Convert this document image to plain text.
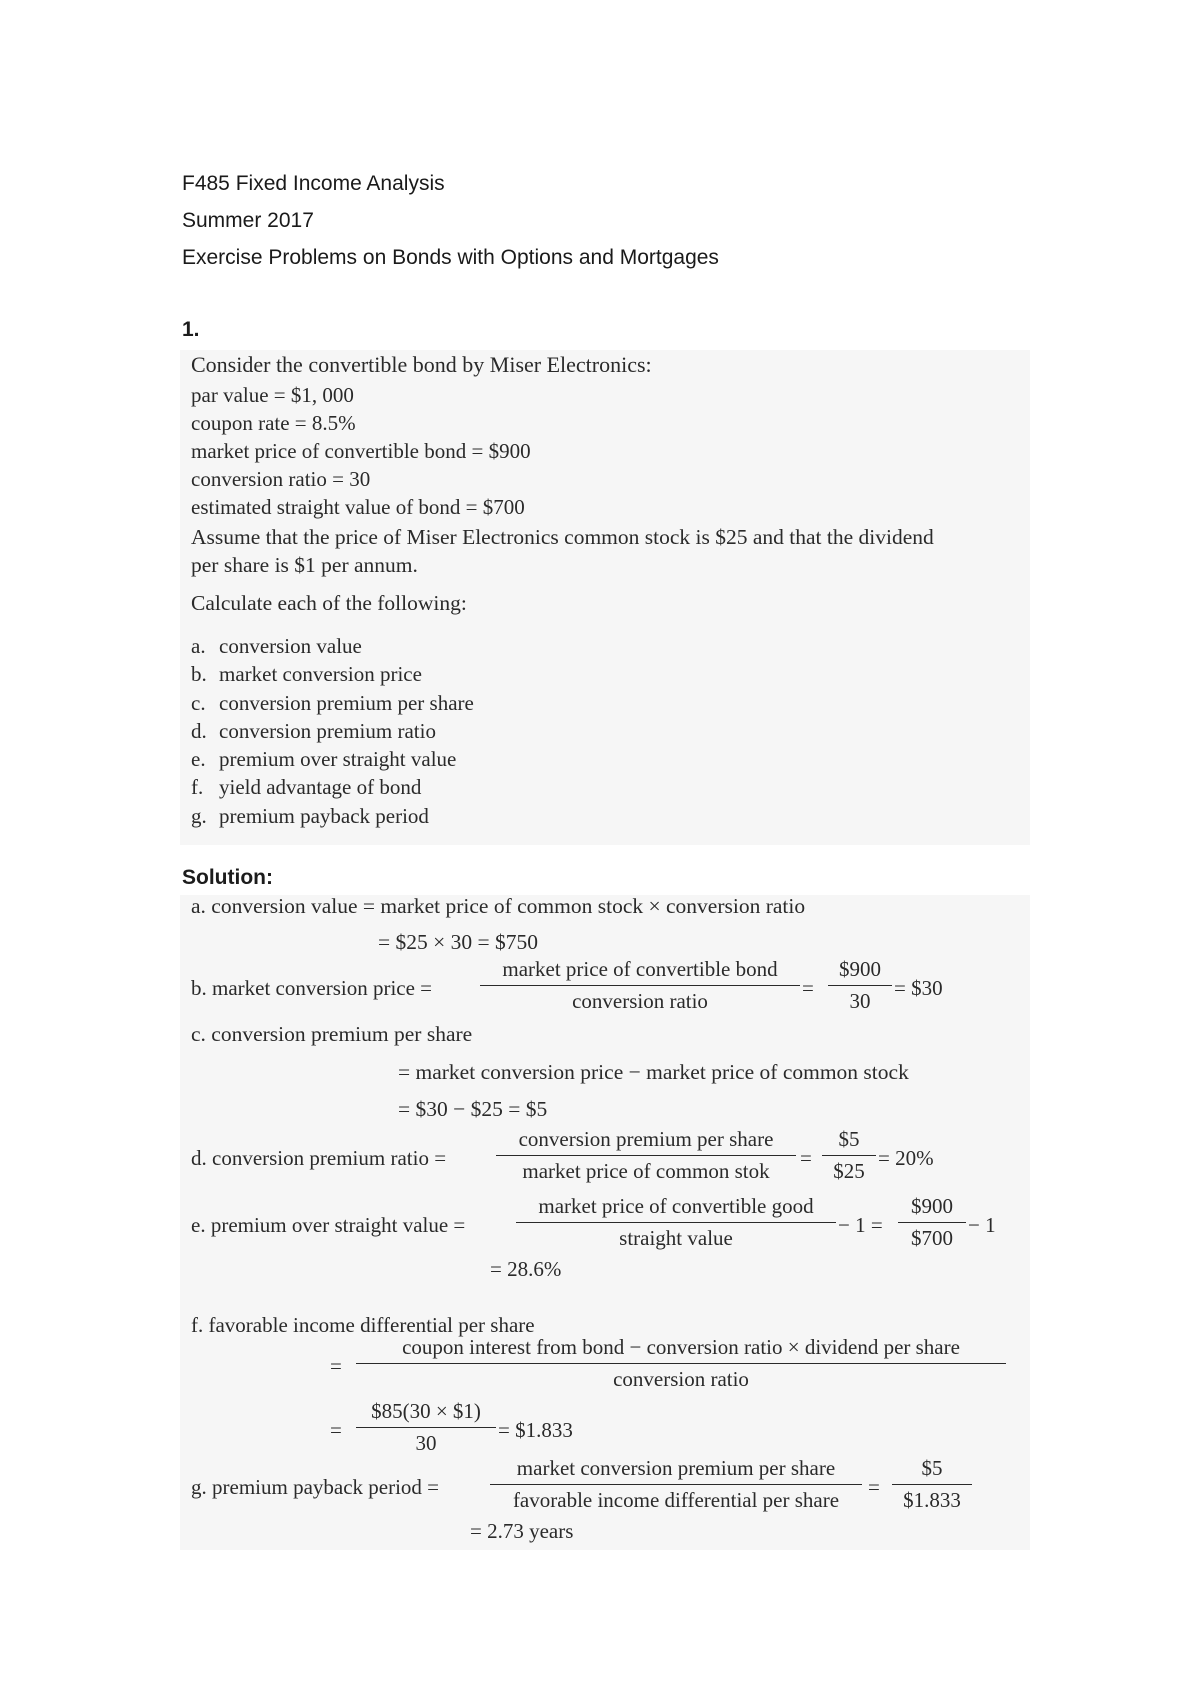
F485 Fixed Income Analysis
Summer 2017
Exercise Problems on Bonds with Options and Mortgages
1.
Consider the convertible bond by Miser Electronics:
par value = $1, 000
coupon rate = 8.5%
market price of convertible bond = $900
conversion ratio = 30
estimated straight value of bond = $700
Assume that the price of Miser Electronics common stock is $25 and that the dividend
per share is $1 per annum.
Calculate each of the following:
a. conversion value
b. market conversion price
c. conversion premium per share
d. conversion premium ratio
e. premium over straight value
f. yield advantage of bond
g. premium payback period
Solution:
a. conversion value = market price of common stock × conversion ratio
= $25 × 30 = $750
b. market conversion price =
market price of convertible bond
conversion ratio
=
$900
30
= $30
c. conversion premium per share
= market conversion price − market price of common stock
= $30 − $25 = $5
d. conversion premium ratio =
conversion premium per share
market price of common stok
=
$5
$25
= 20%
e. premium over straight value =
market price of convertible good
straight value
− 1 =
$900
$700
− 1
= 28.6%
f. favorable income differential per share
=
coupon interest from bond − conversion ratio × dividend per share
conversion ratio
=
$85(30 × $1)
30
= $1.833
g. premium payback period =
market conversion premium per share
favorable income differential per share
=
$5
$1.833
= 2.73 years
